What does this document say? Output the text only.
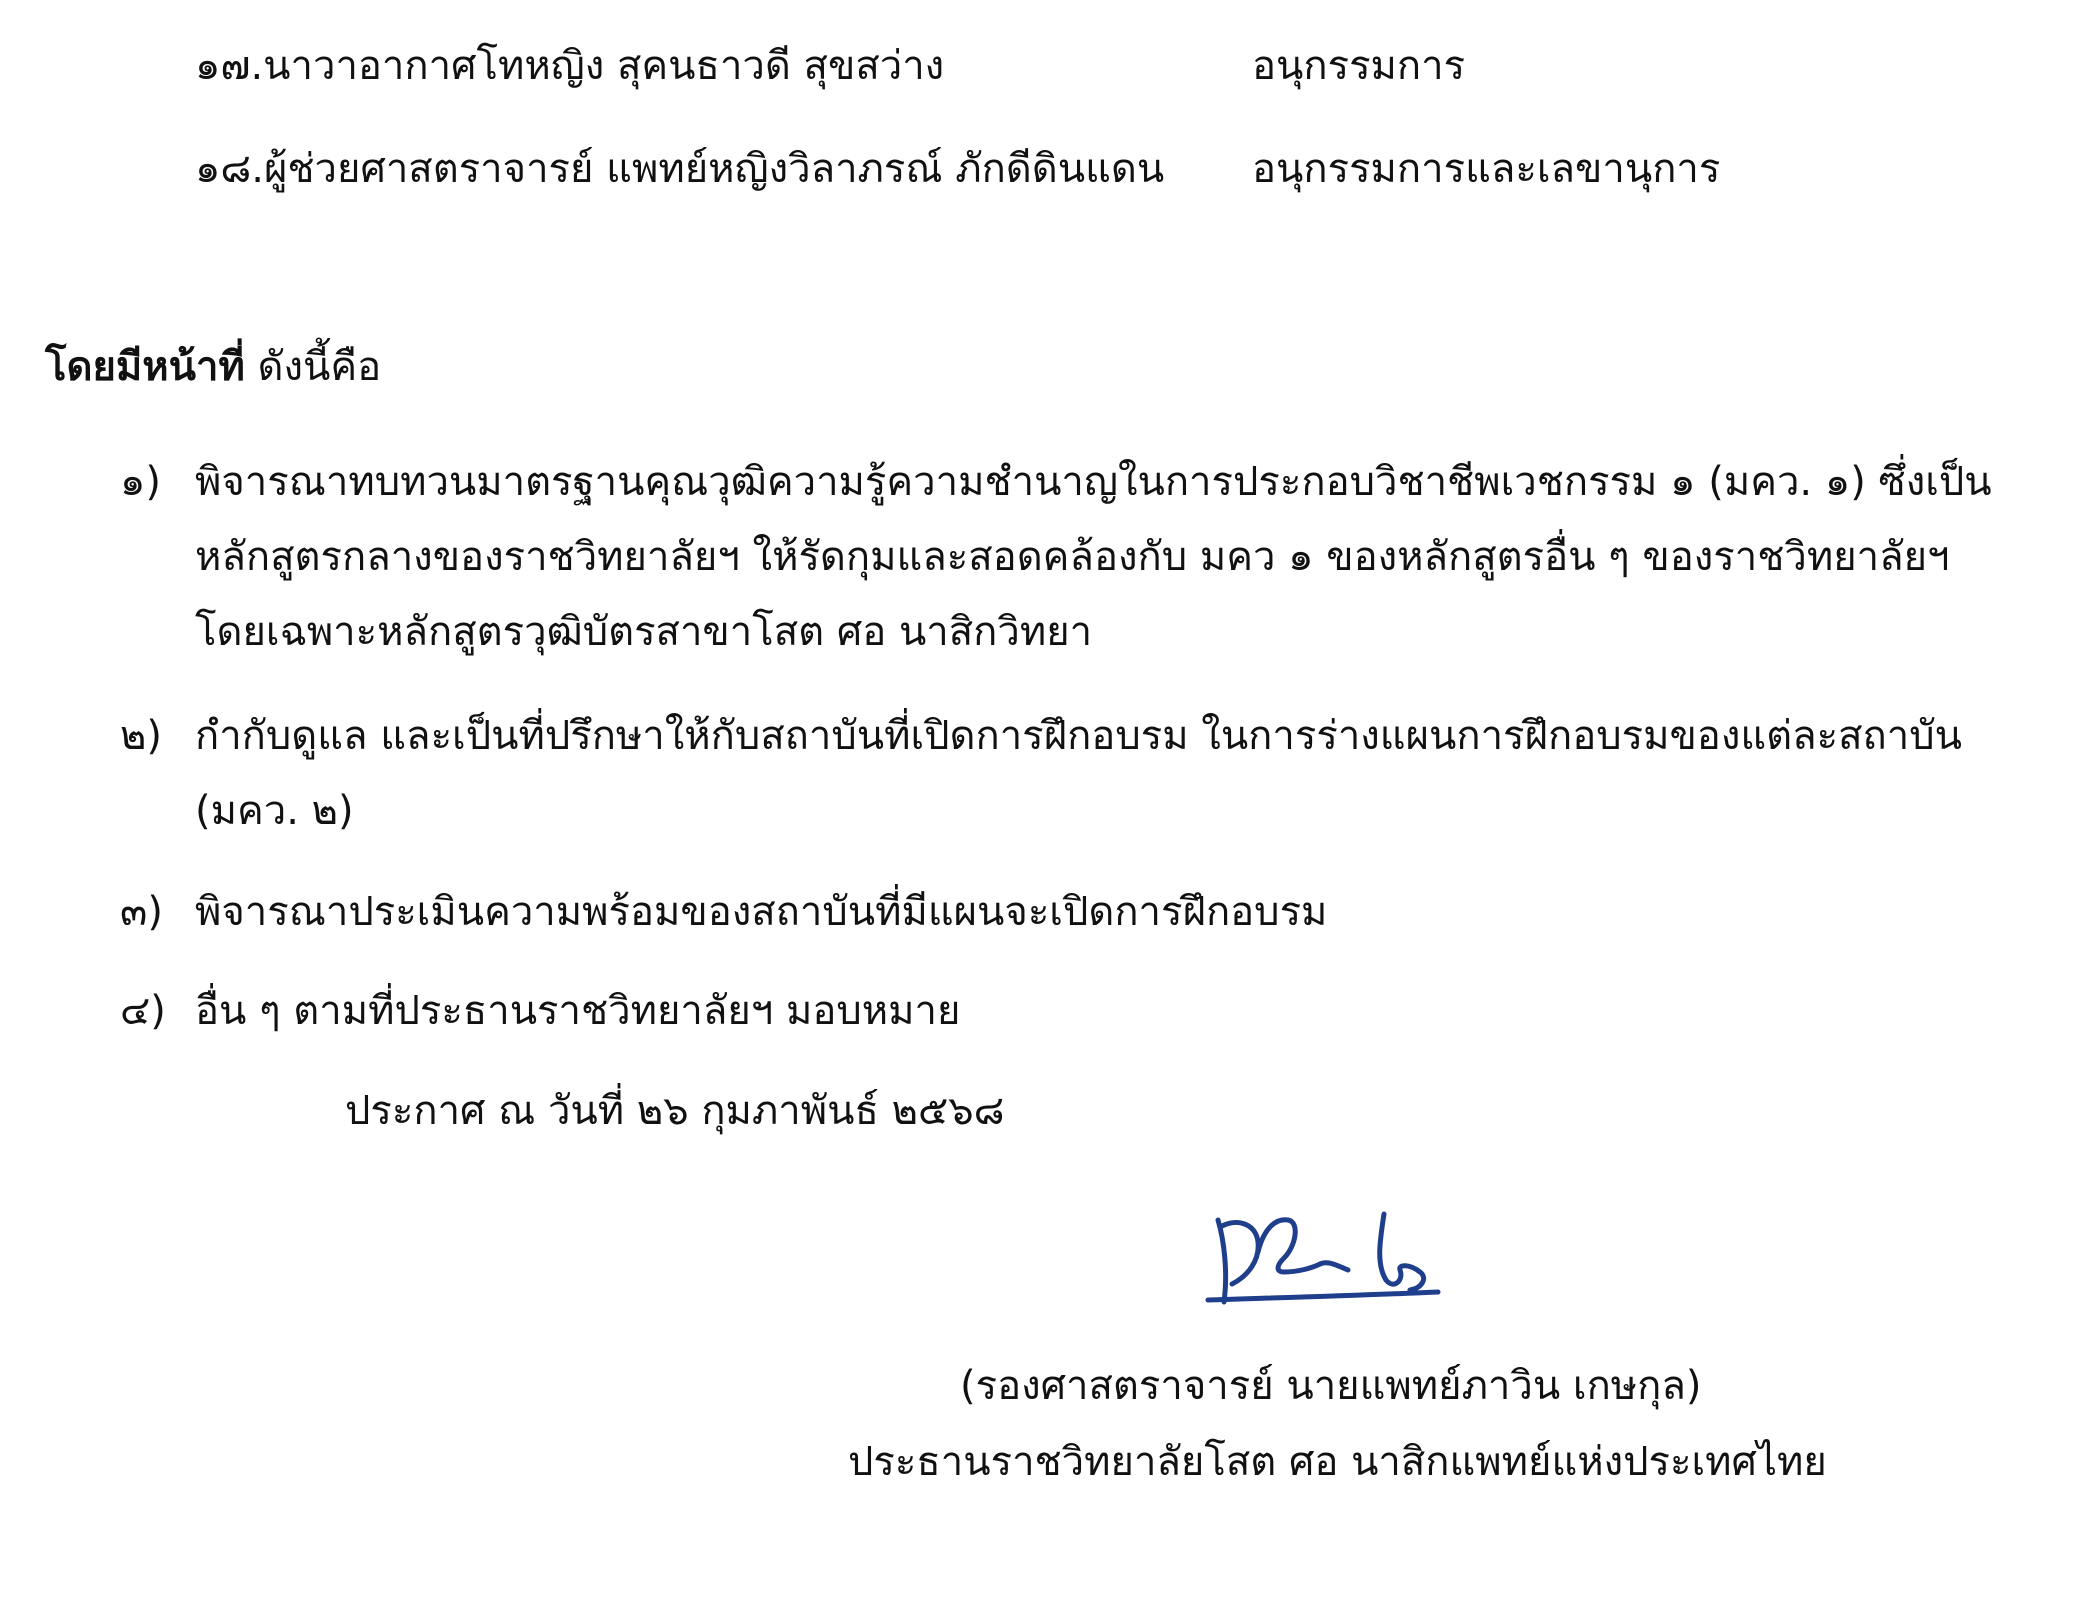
๑๗.นาวาอากาศโทหญิง สุคนธาวดี สุขสว่าง	อนุกรรมการ
๑๘.ผู้ช่วยศาสตราจารย์ แพทย์หญิงวิลาภรณ์ ภักดีดินแดน อนุกรรมการและเลขานุการ
โดยมีหน้าที่ ดังนี้คือ
๑) พิจารณาทบทวนมาตรฐานคุณวุฒิความรู้ความชำนาญในการประกอบวิชาชีพเวชกรรม ๑ (มคว. ๑) ซึ่งเป็น
หลักสูตรกลางของราชวิทยาลัยฯ ให้รัดกุมและสอดคล้องกับ มคว ๑ ของหลักสูตรอื่น ๆ ของราชวิทยาลัยฯ
โดยเฉพาะหลักสูตรวุฒิบัตรสาขาโสต ศอ นาสิกวิทยา
๒) กำกับดูแล และเป็นที่ปรึกษาให้กับสถาบันที่เปิดการฝึกอบรม ในการร่างแผนการฝึกอบรมของแต่ละสถาบัน
(มคว. ๒)
๓) พิจารณาประเมินความพร้อมของสถาบันที่มีแผนจะเปิดการฝึกอบรม
๔) อื่น ๆ ตามที่ประธานราชวิทยาลัยฯ มอบหมาย
ประกาศ ณ วันที่ ๒๖ กุมภาพันธ์ ๒๕๖๘
(รองศาสตราจารย์ นายแพทย์ภาวิน เกษกุล)
ประธานราชวิทยาลัยโสต ศอ นาสิกแพทย์แห่งประเทศไทย
